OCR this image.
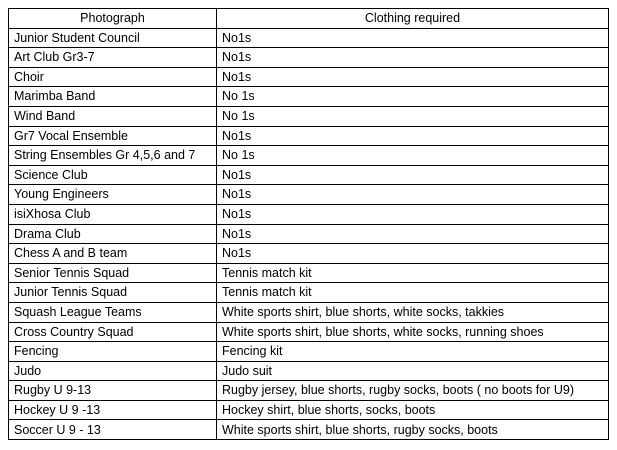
Photograph	Clothing required
Junior Student Council	No1s
Art Club Gr3-7	No1s
Choir	No1s
Marimba Band	No 1s
Wind Band	No 1s
Gr7 Vocal Ensemble	No1s
String Ensembles Gr 4,5,6 and 7	No 1s
Science Club	No1s
Young Engineers	No1s
isiXhosa Club	No1s
Drama Club	No1s
Chess A and B team	No1s
Senior Tennis Squad	Tennis match kit
Junior Tennis Squad	Tennis match kit
Squash League Teams	White sports shirt, blue shorts, white socks, takkies
Cross Country Squad	White sports shirt, blue shorts, white socks, running shoes
Fencing	Fencing kit
Judo	Judo suit
Rugby U 9-13	Rugby jersey, blue shorts, rugby socks, boots ( no boots for U9)
Hockey U 9 -13	Hockey shirt, blue shorts, socks, boots
Soccer U 9 - 13	White sports shirt, blue shorts, rugby socks, boots
